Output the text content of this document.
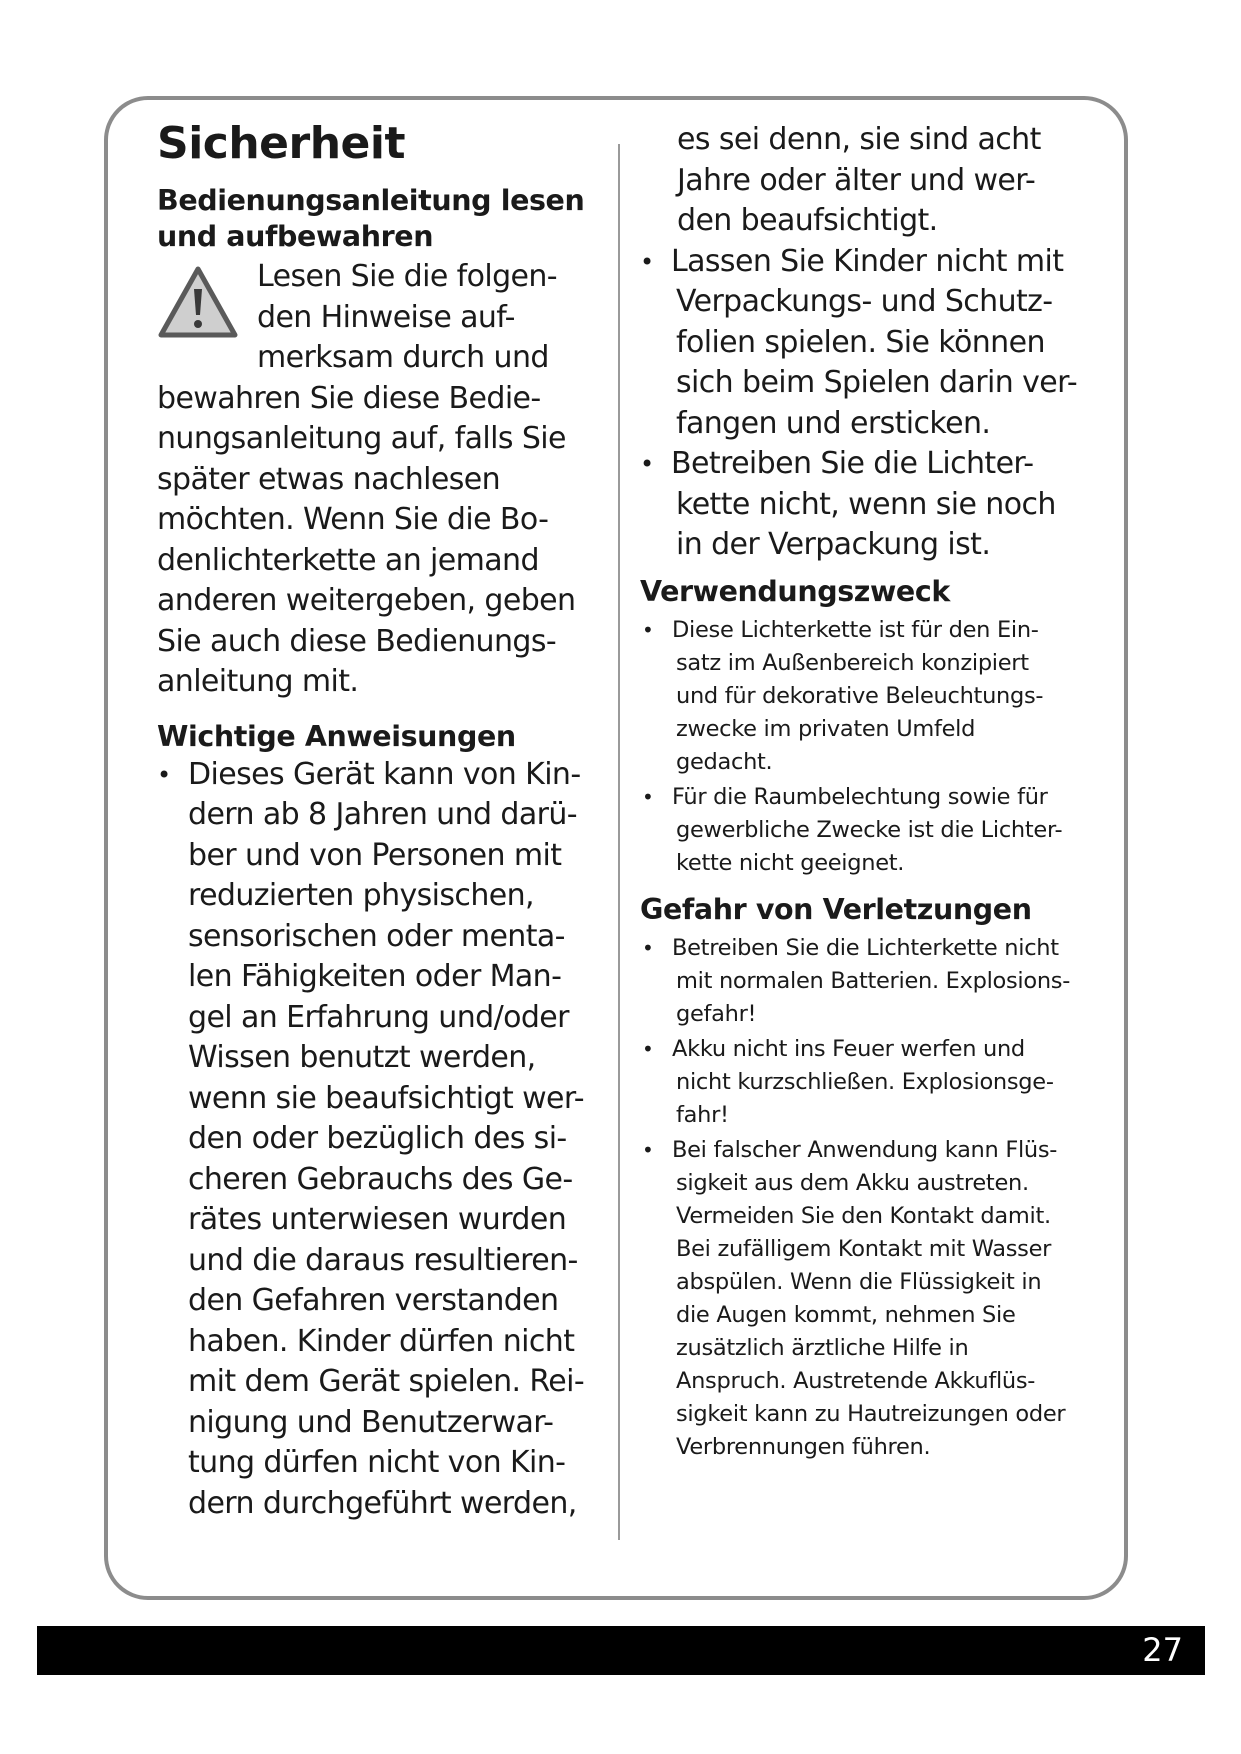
Sicherheit
Bedienungsanleitung lesen
und aufbewahren

Lesen Sie die folgen-
den Hinweise auf-
merksam durch und
bewahren Sie diese Bedie-
nungsanleitung auf, falls Sie
später etwas nachlesen
möchten. Wenn Sie die Bo-
denlichterkette an jemand
anderen weitergeben, geben
Sie auch diese Bedienungs-
anleitung mit.

Wichtige Anweisungen
• Dieses Gerät kann von Kin-
dern ab 8 Jahren und darü-
ber und von Personen mit
reduzierten physischen,
sensorischen oder menta-
len Fähigkeiten oder Man-
gel an Erfahrung und/oder
Wissen benutzt werden,
wenn sie beaufsichtigt wer-
den oder bezüglich des si-
cheren Gebrauchs des Ge-
rätes unterwiesen wurden
und die daraus resultieren-
den Gefahren verstanden
haben. Kinder dürfen nicht
mit dem Gerät spielen. Rei-
nigung und Benutzerwar-
tung dürfen nicht von Kin-
dern durchgeführt werden,

es sei denn, sie sind acht
Jahre oder älter und wer-
den beaufsichtigt.

• Lassen Sie Kinder nicht mit
Verpackungs- und Schutz-
folien spielen. Sie können
sich beim Spielen darin ver-
fangen und ersticken.
• Betreiben Sie die Lichter-
kette nicht, wenn sie noch
in der Verpackung ist.
Verwendungszweck
• Diese Lichterkette ist für den Ein-
satz im Außenbereich konzipiert
und für dekorative Beleuchtungs-
zwecke im privaten Umfeld
gedacht.
• Für die Raumbelechtung sowie für
gewerbliche Zwecke ist die Lichter-
kette nicht geeignet.
Gefahr von Verletzungen
• Betreiben Sie die Lichterkette nicht
mit normalen Batterien. Explosions-
gefahr!
• Akku nicht ins Feuer werfen und
nicht kurzschließen. Explosionsge-
fahr!
• Bei falscher Anwendung kann Flüs-
sigkeit aus dem Akku austreten.
Vermeiden Sie den Kontakt damit.
Bei zufälligem Kontakt mit Wasser
abspülen. Wenn die Flüssigkeit in
die Augen kommt, nehmen Sie
zusätzlich ärztliche Hilfe in
Anspruch. Austretende Akkuflüs-
sigkeit kann zu Hautreizungen oder
Verbrennungen führen.
27
